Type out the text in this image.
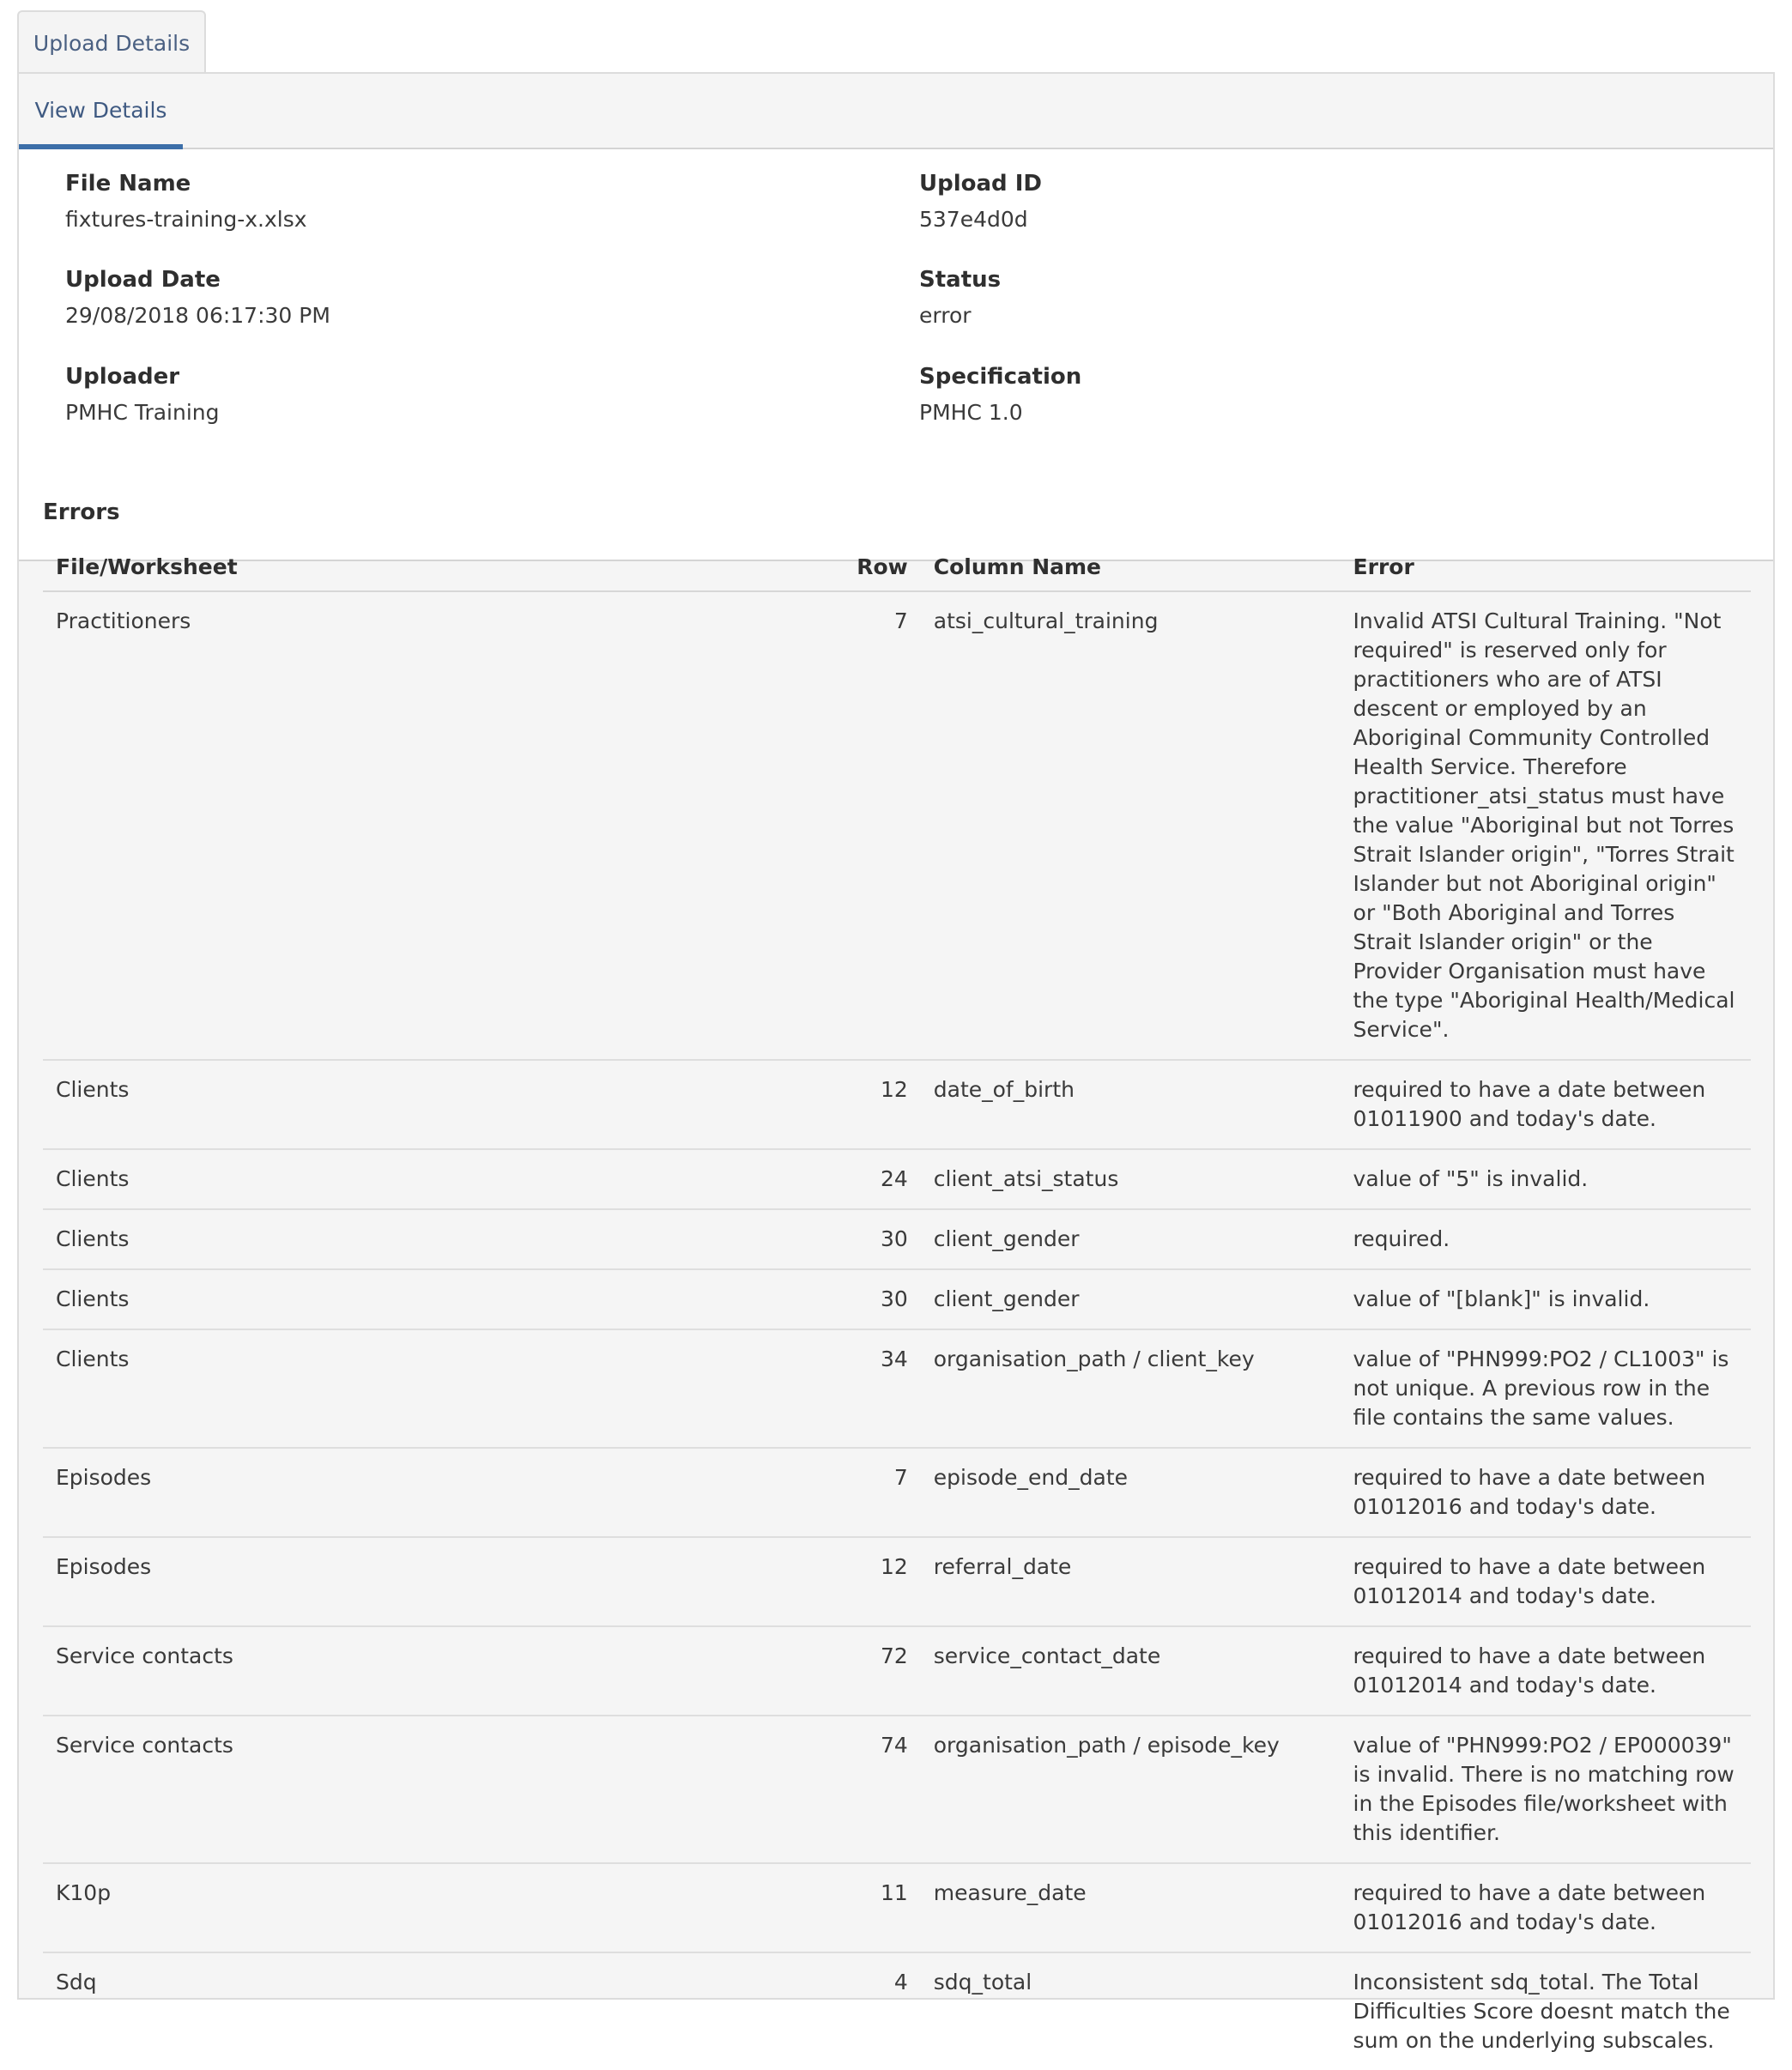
Upload Details
View Details
File Name
fixtures-training-x.xlsx
Upload ID
537e4d0d
Upload Date
29/08/2018 06:17:30 PM
Status
error
Uploader
PMHC Training
Specification
PMHC 1.0
Errors
File/Worksheet	Row	Column Name	Error
Practitioners	7	atsi_cultural_training	Invalid ATSI Cultural Training. "Not required" is reserved only for practitioners who are of ATSI descent or employed by an Aboriginal Community Controlled Health Service. Therefore practitioner_atsi_status must have the value "Aboriginal but not Torres Strait Islander origin", "Torres Strait Islander but not Aboriginal origin" or "Both Aboriginal and Torres Strait Islander origin" or the Provider Organisation must have the type "Aboriginal Health/Medical Service".
Clients	12	date_of_birth	required to have a date between 01011900 and today's date.
Clients	24	client_atsi_status	value of "5" is invalid.
Clients	30	client_gender	required.
Clients	30	client_gender	value of "[blank]" is invalid.
Clients	34	organisation_path / client_key	value of "PHN999:PO2 / CL1003" is not unique. A previous row in the file contains the same values.
Episodes	7	episode_end_date	required to have a date between 01012016 and today's date.
Episodes	12	referral_date	required to have a date between 01012014 and today's date.
Service contacts	72	service_contact_date	required to have a date between 01012014 and today's date.
Service contacts	74	organisation_path / episode_key	value of "PHN999:PO2 / EP000039" is invalid. There is no matching row in the Episodes file/worksheet with this identifier.
K10p	11	measure_date	required to have a date between 01012016 and today's date.
Sdq	4	sdq_total	Inconsistent sdq_total. The Total Difficulties Score doesnt match the sum on the underlying subscales.
